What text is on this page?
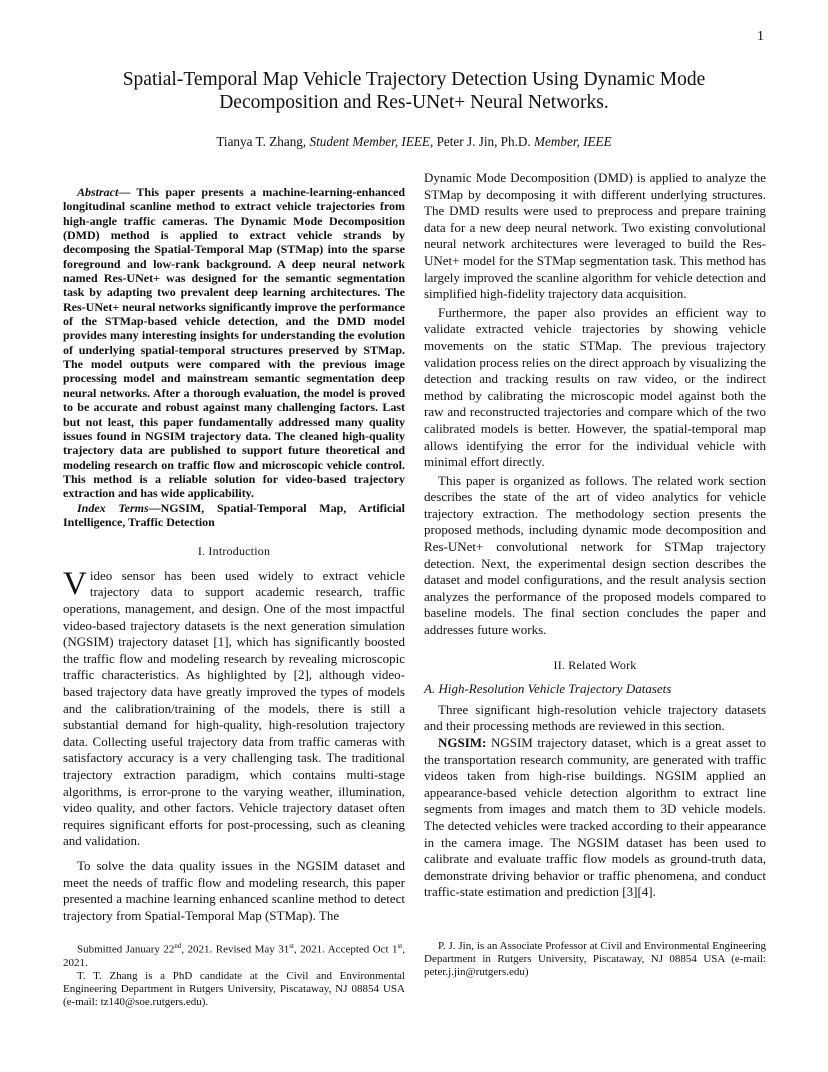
1
Spatial-Temporal Map Vehicle Trajectory Detection Using Dynamic Mode
Decomposition and Res-UNet+ Neural Networks.
Tianya T. Zhang, Student Member, IEEE, Peter J. Jin, Ph.D. Member, IEEE

Abstract— This paper presents a machine-learning-enhanced longitudinal scanline method to extract vehicle trajectories from high-angle traffic cameras. The Dynamic Mode Decomposition (DMD) method is applied to extract vehicle strands by decomposing the Spatial-Temporal Map (STMap) into the sparse foreground and low-rank background. A deep neural network named Res-UNet+ was designed for the semantic segmentation task by adapting two prevalent deep learning architectures. The Res-UNet+ neural networks significantly improve the performance of the STMap-based vehicle detection, and the DMD model provides many interesting insights for understanding the evolution of underlying spatial-temporal structures preserved by STMap. The model outputs were compared with the previous image processing model and mainstream semantic segmentation deep neural networks. After a thorough evaluation, the model is proved to be accurate and robust against many challenging factors. Last but not least, this paper fundamentally addressed many quality issues found in NGSIM trajectory data. The cleaned high-quality trajectory data are published to support future theoretical and modeling research on traffic flow and microscopic vehicle control. This method is a reliable solution for video-based trajectory extraction and has wide applicability.

Index Terms—NGSIM, Spatial-Temporal Map, Artificial Intelligence, Traffic Detection

I. Introduction

Video sensor has been used widely to extract vehicle trajectory data to support academic research, traffic operations, management, and design. One of the most impactful video-based trajectory datasets is the next generation simulation (NGSIM) trajectory dataset [1], which has significantly boosted the traffic flow and modeling research by revealing microscopic traffic characteristics. As highlighted by [2], although video-based trajectory data have greatly improved the types of models and the calibration/training of the models, there is still a substantial demand for high-quality, high-resolution trajectory data. Collecting useful trajectory data from traffic cameras with satisfactory accuracy is a very challenging task. The traditional trajectory extraction paradigm, which contains multi-stage algorithms, is error-prone to the varying weather, illumination, video quality, and other factors. Vehicle trajectory dataset often requires significant efforts for post-processing, such as cleaning and validation.

To solve the data quality issues in the NGSIM dataset and meet the needs of traffic flow and modeling research, this paper presented a machine learning enhanced scanline method to detect trajectory from Spatial-Temporal Map (STMap). The

Dynamic Mode Decomposition (DMD) is applied to analyze the STMap by decomposing it with different underlying structures. The DMD results were used to preprocess and prepare training data for a new deep neural network. Two existing convolutional neural network architectures were leveraged to build the Res-UNet+ model for the STMap segmentation task. This method has largely improved the scanline algorithm for vehicle detection and simplified high-fidelity trajectory data acquisition.

Furthermore, the paper also provides an efficient way to validate extracted vehicle trajectories by showing vehicle movements on the static STMap. The previous trajectory validation process relies on the direct approach by visualizing the detection and tracking results on raw video, or the indirect method by calibrating the microscopic model against both the raw and reconstructed trajectories and compare which of the two calibrated models is better. However, the spatial-temporal map allows identifying the error for the individual vehicle with minimal effort directly.

This paper is organized as follows. The related work section describes the state of the art of video analytics for vehicle trajectory extraction. The methodology section presents the proposed methods, including dynamic mode decomposition and Res-UNet+ convolutional network for STMap trajectory detection. Next, the experimental design section describes the dataset and model configurations, and the result analysis section analyzes the performance of the proposed models compared to baseline models. The final section concludes the paper and addresses future works.

II. Related Work
A. High-Resolution Vehicle Trajectory Datasets

Three significant high-resolution vehicle trajectory datasets and their processing methods are reviewed in this section.

NGSIM: NGSIM trajectory dataset, which is a great asset to the transportation research community, are generated with traffic videos taken from high-rise buildings. NGSIM applied an appearance-based vehicle detection algorithm to extract line segments from images and match them to 3D vehicle models. The detected vehicles were tracked according to their appearance in the camera image. The NGSIM dataset has been used to calibrate and evaluate traffic flow models as ground-truth data, demonstrate driving behavior or traffic phenomena, and conduct traffic-state estimation and prediction [3][4].

Submitted January 22nd, 2021. Revised May 31st, 2021. Accepted Oct 1st, 2021.

T. T. Zhang is a PhD candidate at the Civil and Environmental Engineering Department in Rutgers University, Piscataway, NJ 08854 USA (e-mail: tz140@soe.rutgers.edu).

P. J. Jin, is an Associate Professor at Civil and Environmental Engineering Department in Rutgers University, Piscataway, NJ 08854 USA (e-mail: peter.j.jin@rutgers.edu)
